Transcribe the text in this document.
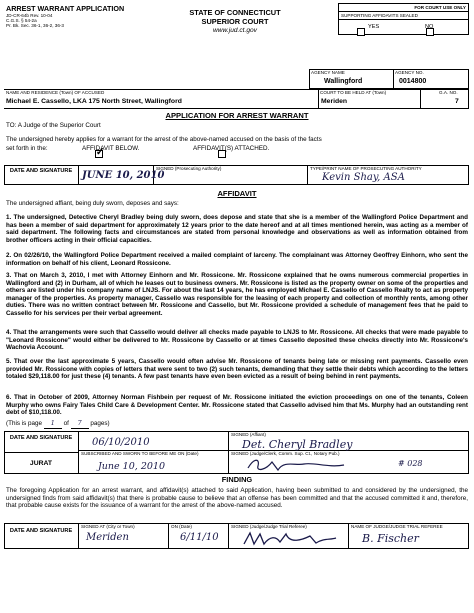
ARREST WARRANT APPLICATION
JD-CR-64b Rev. 10-04
C.G.S. § 54-2a
Pr. Bk. Sec. 36-1, 36-2, 36-3
STATE OF CONNECTICUT
SUPERIOR COURT
www.jud.ct.gov
FOR COURT USE ONLY
SUPPORTING AFFIDAVITS SEALED

YES
	NO
AGENCY NAME
Wallingford
AGENCY NO.
0014800
NAME AND RESIDENCE (Town) OF ACCUSED
Michael E. Cassello, LKA 175 North Street, Wallingford
COURT TO BE HELD AT (Town)
Meriden
G.A. NO.
7
APPLICATION FOR ARREST WARRANT
TO: A Judge of the Superior Court
The undersigned hereby applies for a warrant for the arrest of the above-named accused on the basis of the facts
set forth in the:
✓	AFFIDAVIT BELOW.	AFFIDAVIT(S) ATTACHED.
DATE AND SIGNATURE JUNE 10, 2010
SIGNED (Prosecuting Authority)	TYPE/PRINT NAME OF PROSECUTING AUTHORITY
Kevin Shay, ASA
AFFIDAVIT
The undersigned affiant, being duly sworn, deposes and says:
1. The undersigned, Detective Cheryl Bradley being duly sworn, does depose and state that she is a member of the Wallingford Police Department and has been a member of said department for approximately 12 years prior to the date hereof and at all times mentioned herein, was acting as a member of said department. The following facts and circumstances are stated from personal knowledge and observations as well as information obtained from brother officers acting in their official capacities.
2. On 02/26/10, the Wallingford Police Department received a mailed complaint of larceny. The complainant was Attorney Geoffrey Einhorn, who sent the information on behalf of his client, Leonard Rossicone.
3. That on March 3, 2010, I met with Attorney Einhorn and Mr. Rossicone. Mr. Rossicone explained that he owns numerous commercial properties in Wallingford and (2) in Durham, all of which he leases out to business owners. Mr. Rossicone is listed as the property owner on some of the properties and others are listed under his company name of LNJS. For about the last 14 years, he has employed Michael E. Cassello of Cassello Realty to act as property manager of the properties. As property manager, Cassello was responsible for the leasing of each property and collection of monthly rents, among other duties. There was no written contract between Mr. Rossicone and Cassello, but Mr. Rossicone provided a schedule of management fees that he paid to Cassello for his services per their verbal agreement.
4. That the arrangements were such that Cassello would deliver all checks made payable to LNJS to Mr. Rossicone. All checks that were made payable to "Leonard Rossicone" would either be delivered to Mr. Rossicone by Cassello or at times Cassello deposited these checks directly into Mr. Rossicone's Wachovia Account.
5. That over the last approximate 5 years, Cassello would often advise Mr. Rossicone of tenants being late or missing rent payments. Cassello even provided Mr. Rossicone with copies of letters that were sent to two (2) such tenants, demanding that they settle their debts which according to the letters totaled $29,118.00 for just these (4) tenants. A few past tenants have even been evicted as a result of being behind in rent payments.
6. That in October of 2009, Attorney Norman Fishbein per request of Mr. Rossicone initiated the eviction proceedings on one of the tenants, Coleen Murphy who owns Fairy Tales Child Care & Development Center. Mr. Rossicone stated that Cassello advised him that Ms. Murphy had an outstanding rent debt of $10,118.00.
(This is page 1 of 7 pages)
DATE AND SIGNATURE
JURAT
06/10/2010
SIGNED (Affiant)
Det. Cheryl Bradley
SUBSCRIBED AND SWORN TO BEFORE ME ON (Date)
June 10, 2010
SIGNED (Judge/Clerk, Comm. Sup. Ct., Notary Pub.)
# 028
FINDING
The foregoing Application for an arrest warrant, and affidavit(s) attached to said Application, having been submitted to and considered by the undersigned, the undersigned finds from said affidavit(s) that there is probable cause to believe that an offense has been committed and that the accused committed it and, therefore, that probable cause exists for the issuance of a warrant for the arrest of the above-named accused.
DATE AND SIGNATURE
SIGNED AT (City or Town)
Meriden
ON (Date)
6/11/10
SIGNED (Judge/Judge Trial Referee)	NAME OF JUDGE/JUDGE TRIAL REFEREE
B. Fischer
